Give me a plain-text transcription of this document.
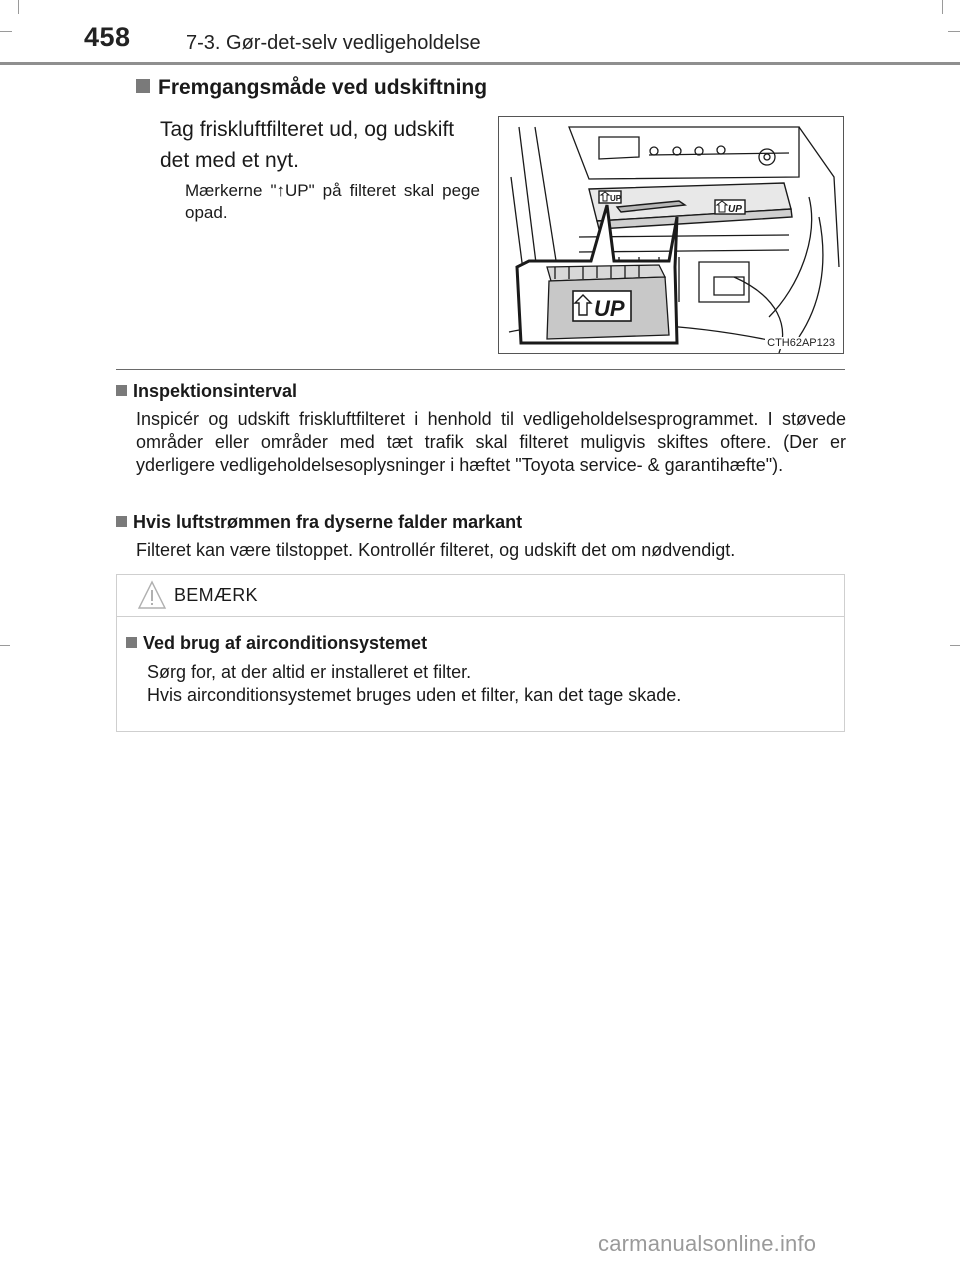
458	7-3. Gør-det-selv vedligeholdelse
Fremgangsmåde ved udskiftning
Tag friskluftfilteret ud, og udskift det med et nyt.
Mærkerne "↑UP" på filteret skal pege opad.
UP
UP
UP
CTH62AP123
Inspektionsinterval
Inspicér og udskift friskluftfilteret i henhold til vedligeholdelsesprogrammet. I støvede områder eller områder med tæt trafik skal filteret muligvis skiftes oftere. (Der er yderligere vedligeholdelsesoplysninger i hæftet "Toyota service- & garantihæfte").
Hvis luftstrømmen fra dyserne falder markant
Filteret kan være tilstoppet. Kontrollér filteret, og udskift det om nødvendigt.
BEMÆRK
Ved brug af airconditionsystemet
Sørg for, at der altid er installeret et filter.
Hvis airconditionsystemet bruges uden et filter, kan det tage skade.
carmanualsonline.info
